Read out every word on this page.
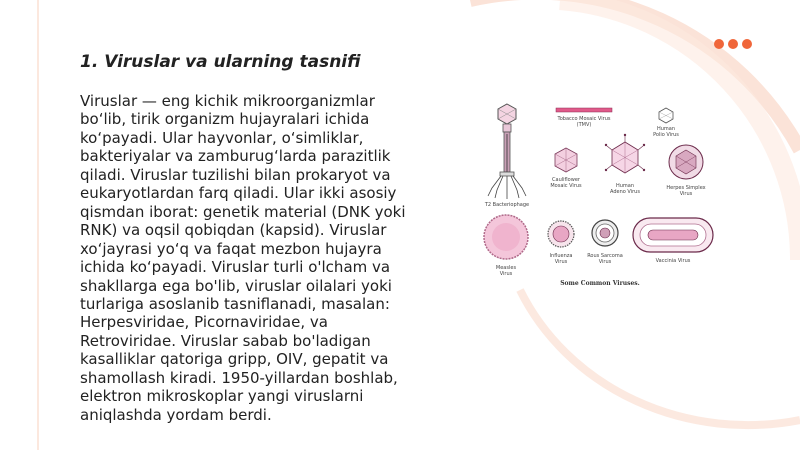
1. Viruslar va ularning tasnifi

Viruslar — eng kichik mikroorganizmlar bo‘lib, tirik organizm hujayralari ichida ko‘payadi. Ular hayvonlar, o‘simliklar, bakteriyalar va zamburug‘larda parazitlik qiladi. Viruslar tuzilishi bilan prokaryot va eukaryotlardan farq qiladi. Ular ikki asosiy qismdan iborat: genetik material (DNK yoki RNK) va oqsil qobiqdan (kapsid). Viruslar xo‘jayrasi yo‘q va faqat mezbon hujayra ichida ko‘payadi. Viruslar turli o'lcham va shakllarga ega bo'lib, viruslar oilalari yoki turlariga asoslanib tasniflanadi, masalan: Herpesviridae, Picornaviridae, va Retroviridae. Viruslar sabab bo'ladigan kasalliklar qatoriga gripp, OIV, gepatit va shamollash kiradi. 1950-yillardan boshlab, elektron mikroskoplar yangi viruslarni aniqlashda yordam berdi.

T2 Bacteriophage
Tobacco Mosaic Virus
(TMV)
Human
Polio Virus
Cauliflower
Mosaic Virus	Human
Adeno Virus
Herpes Simplex
Virus
Measles
Virus
Influenza
Virus
Rous Sarcoma
Virus	Vaccinia Virus
Some Common Viruses.
